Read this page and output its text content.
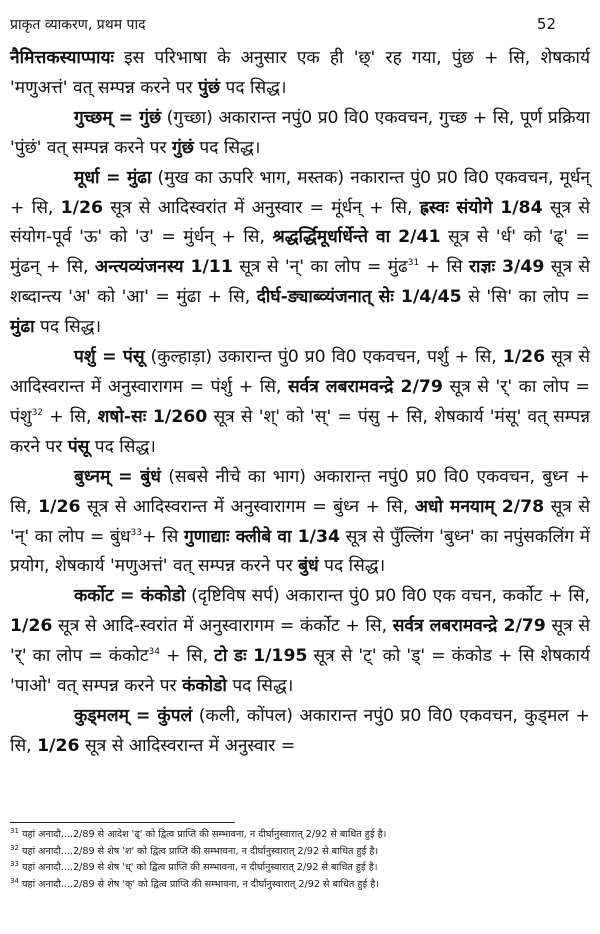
प्राकृत व्याकरण, प्रथम पाद	52

नैमित्तकस्याप्पायः इस परिभाषा के अनुसार एक ही 'छ्' रह गया, पुंछ + सि, शेषकार्य 'मणुअत्तं' वत् सम्पन्न करने पर पुंछं पद सिद्ध।

गुच्छम् = गुंछं (गुच्छा) अकारान्त नपुं0 प्र0 वि0 एकवचन, गुच्छ + सि, पूर्ण प्रक्रिया 'पुंछं' वत् सम्पन्न करने पर गुंछं पद सिद्ध।

मूर्धा = मुंढा (मुख का ऊपरि भाग, मस्तक) नकारान्त पुं0 प्र0 वि0 एकवचन, मूर्धन् + सि, 1/26 सूत्र से आदिस्वरांत में अनुस्वार = मूंर्धन् + सि, ह्रस्वः संयोगे 1/84 सूत्र से संयोग-पूर्व 'ऊ' को 'उ' = मुंर्धन् + सि, श्रद्धर्द्धिमूर्धार्धेन्ते वा 2/41 सूत्र से 'र्ध' को 'ढ्' = मुंढन् + सि, अन्त्यव्यंजनस्य 1/11 सूत्र से 'न्' का लोप = मुंढ$^{31}$ + सि राज्ञः 3/49 सूत्र से शब्दान्त्य 'अ' को 'आ' = मुंढा + सि, दीर्घ-ङ्याब्व्यंजनात् सेः 1/4/45 से 'सि' का लोप = मुंढा पद सिद्ध।

पर्शु = पंसू (कुल्हाड़ा) उकारान्त पुं0 प्र0 वि0 एकवचन, पर्शु + सि, 1/26 सूत्र से आदिस्वरान्त में अनुस्वारागम = पंर्शु + सि, सर्वत्र लबरामवन्द्रे 2/79 सूत्र से 'र्' का लोप = पंशु$^{32}$ + सि, शषो-सः 1/260 सूत्र से 'श्' को 'स्' = पंसु + सि, शेषकार्य 'मंसू' वत् सम्पन्न करने पर पंसू पद सिद्ध।

बुध्नम् = बुंधं (सबसे नीचे का भाग) अकारान्त नपुं0 प्र0 वि0 एकवचन, बुध्न + सि, 1/26 सूत्र से आदिस्वरान्त में अनुस्वारागम = बुंध्न + सि, अधो मनयाम् 2/78 सूत्र से 'न्' का लोप = बुंध$^{33}$+ सि गुणाद्याः क्लीबे वा 1/34 सूत्र से पुँल्लिंग 'बुध्न' का नपुंसकलिंग में प्रयोग, शेषकार्य 'मणुअत्तं' वत् सम्पन्न करने पर बुंधं पद सिद्ध।

कर्कोट = कंकोडो (दृष्टिविष सर्प) अकारान्त पुं0 प्र0 वि0 एक वचन, कर्कोट + सि, 1/26 सूत्र से आदि-स्वरांत में अनुस्वारागम = कंर्कोट + सि, सर्वत्र लबरामवन्द्रे 2/79 सूत्र से 'र्' का लोप = कंकोट$^{34}$ + सि, टो डः 1/195 सूत्र से 'ट्' को 'ड्' = कंकोड + सि शेषकार्य 'पाओ' वत् सम्पन्न करने पर कंकोडो पद सिद्ध।

कुड्मलम् = कुंपलं (कली, कोंपल) अकारान्त नपुं0 प्र0 वि0 एकवचन, कुड्मल + सि, 1/26 सूत्र से आदिस्वरान्त में अनुस्वार =

$^{31}$ यहां अनादौ....2/89 से आदेश 'ढ्' को द्वित्व प्राप्ति की सम्भावना, न दीर्घानुस्वारात् 2/92 से बाधित हुई है।
$^{32}$ यहां अनादौ....2/89 से शेष 'श' को द्वित्व प्राप्ति की सम्भावना, न दीर्घानुस्वारात् 2/92 से बाधित हुई है।
$^{33}$ यहां अनादौ....2/89 से शेष 'ध्' को द्वित्व प्राप्ति की सम्भावना, न दीर्घानुस्वारात् 2/92 से बाधित हुई है।
$^{34}$ यहां अनादौ....2/89 से शेष 'क्' को द्वित्व प्राप्ति की सम्भावना, न दीर्घानुस्वारात् 2/92 से बाधित हुई है।
